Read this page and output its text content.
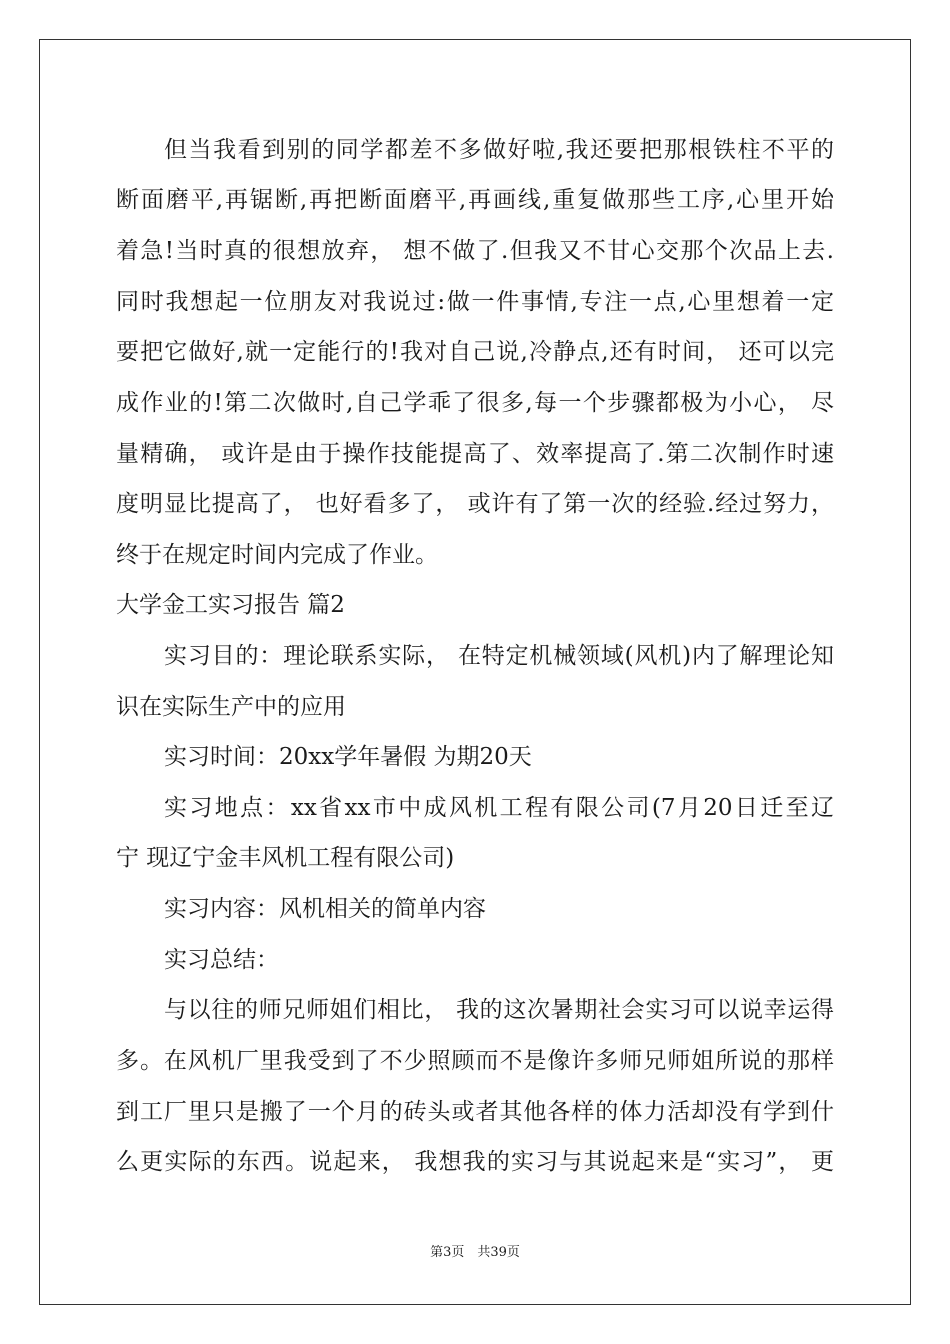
但当我看到别的同学都差不多做好啦,我还要把那根铁柱不平的
断面磨平,再锯断,再把断面磨平,再画线,重复做那些工序,心里开始
着急!当时真的很想放弃， 想不做了.但我又不甘心交那个次品上去.
同时我想起一位朋友对我说过:做一件事情,专注一点,心里想着一定
要把它做好,就一定能行的!我对自己说,冷静点,还有时间， 还可以完
成作业的!第二次做时,自己学乖了很多,每一个步骤都极为小心， 尽
量精确， 或许是由于操作技能提高了、效率提高了.第二次制作时速
度明显比提高了， 也好看多了， 或许有了第一次的经验.经过努力，
终于在规定时间内完成了作业。
大学金工实习报告 篇2
实习目的：理论联系实际， 在特定机械领域(风机)内了解理论知
识在实际生产中的应用
实习时间：20xx学年暑假 为期20天
实习地点：xx省xx市中成风机工程有限公司(7月20日迁至辽
宁 现辽宁金丰风机工程有限公司)
实习内容：风机相关的简单内容
实习总结：
与以往的师兄师姐们相比， 我的这次暑期社会实习可以说幸运得
多。在风机厂里我受到了不少照顾而不是像许多师兄师姐所说的那样
到工厂里只是搬了一个月的砖头或者其他各样的体力活却没有学到什
么更实际的东西。说起来， 我想我的实习与其说起来是“实习”， 更
第3页　共39页
